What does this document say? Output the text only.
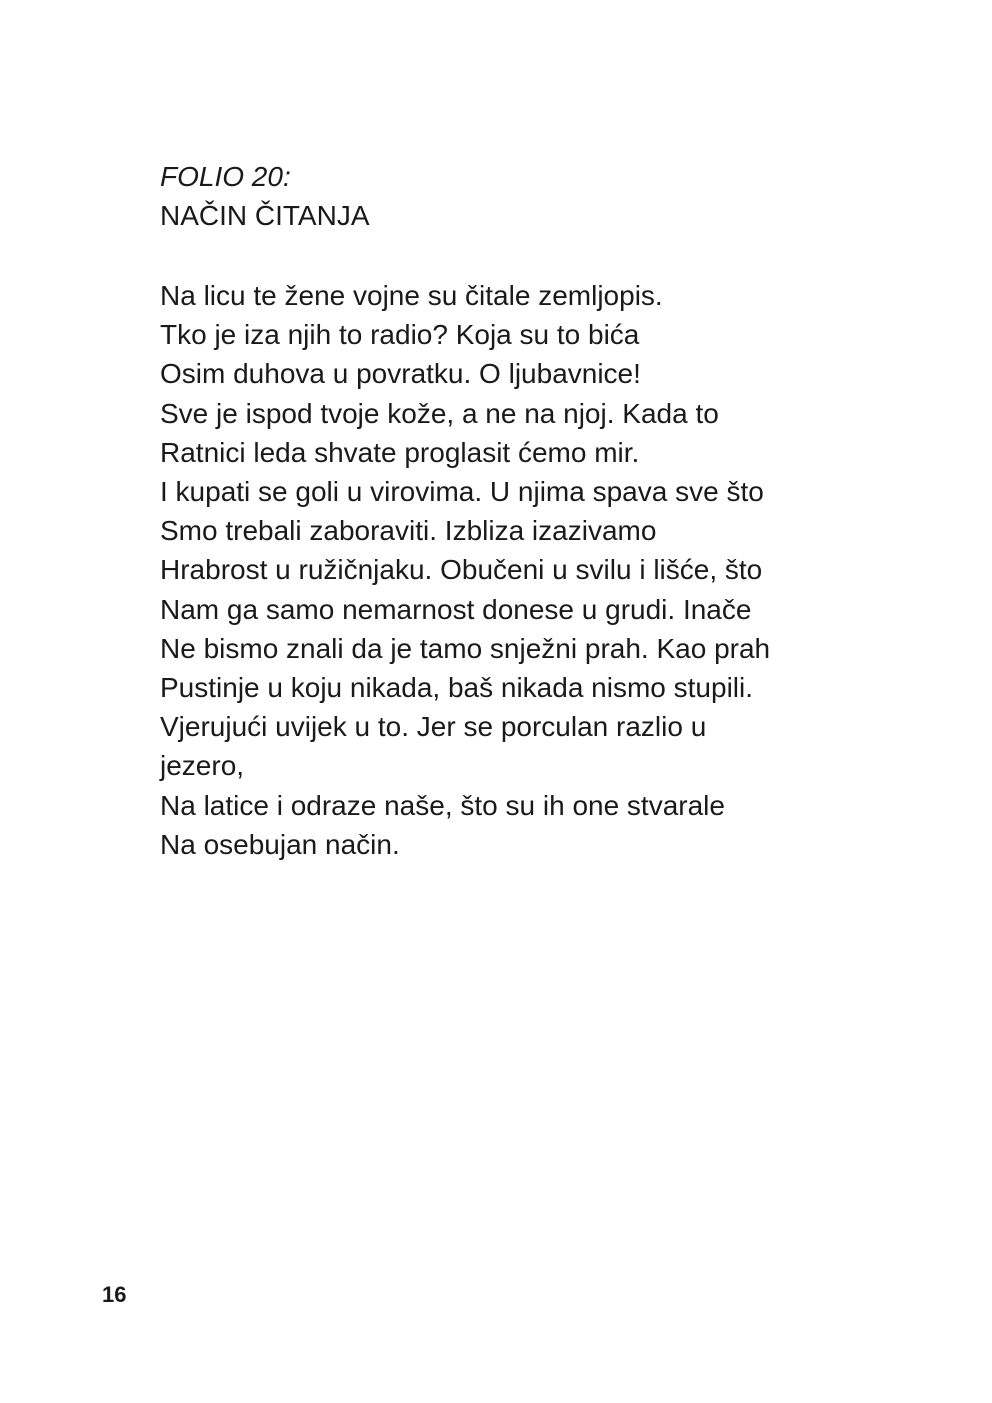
FOLIO 20:
NAČIN ČITANJA
Na licu te žene vojne su čitale zemljopis.
Tko je iza njih to radio? Koja su to bića
Osim duhova u povratku. O ljubavnice!
Sve je ispod tvoje kože, a ne na njoj. Kada to
Ratnici leda shvate proglasit ćemo mir.
I kupati se goli u virovima. U njima spava sve što
Smo trebali zaboraviti. Izbliza izazivamo
Hrabrost u ružičnjaku. Obučeni u svilu i lišće, što
Nam ga samo nemarnost donese u grudi. Inače
Ne bismo znali da je tamo snježni prah. Kao prah
Pustinje u koju nikada, baš nikada nismo stupili.
Vjerujući uvijek u to. Jer se porculan razlio u
jezero,
Na latice i odraze naše, što su ih one stvarale
Na osebujan način.
16
